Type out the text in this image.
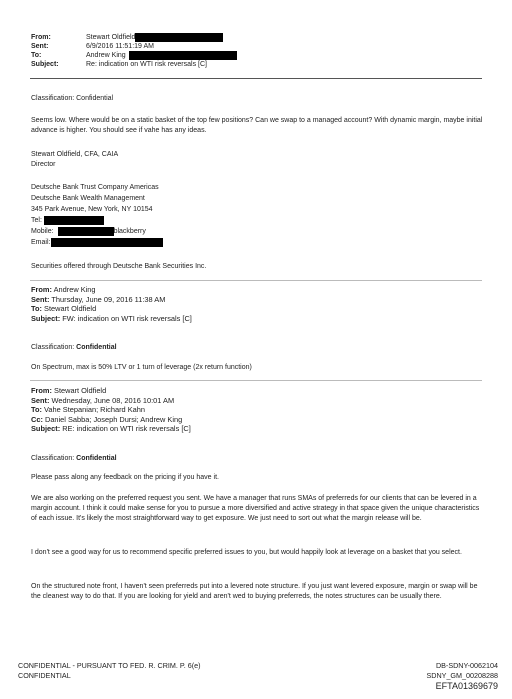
From:	Stewart Oldfield
Sent:	6/9/2016 11:51:19 AM
To:	Andrew King
Subject:	Re: indication on WTI risk reversals [C]
Classification: Confidential
Seems low. Where would be on a static basket of the top few positions? Can we swap to a managed account? With dynamic margin, maybe initial advance is higher. You should see if vahe has any ideas.
Stewart Oldfield, CFA, CAIA
Director
Deutsche Bank Trust Company Americas
Deutsche Bank Wealth Management
345 Park Avenue, New York, NY 10154
Tel:
Mobile:	blackberry
Email:
Securities offered through Deutsche Bank Securities Inc.
From: Andrew King
Sent: Thursday, June 09, 2016 11:38 AM
To: Stewart Oldfield
Subject: FW: indication on WTI risk reversals [C]
Classification: Confidential
On Spectrum, max is 50% LTV or 1 turn of leverage (2x return function)
From: Stewart Oldfield
Sent: Wednesday, June 08, 2016 10:01 AM
To: Vahe Stepanian; Richard Kahn
Cc: Daniel Sabba; Joseph Dursi; Andrew King
Subject: RE: indication on WTI risk reversals [C]
Classification: Confidential
Please pass along any feedback on the pricing if you have it.
We are also working on the preferred request you sent. We have a manager that runs SMAs of preferreds for our clients that can be levered in a margin account. I think it could make sense for you to pursue a more diversified and active strategy in that space given the unique characteristics of each issue. It's likely the most straightforward way to get exposure. We just need to sort out what the margin release will be.
I don't see a good way for us to recommend specific preferred issues to you, but would happily look at leverage on a basket that you select.
On the structured note front, I haven't seen preferreds put into a levered note structure. If you just want levered exposure, margin or swap will be the cleanest way to do that. If you are looking for yield and aren't wed to buying preferreds, the notes structures can be usually there.
CONFIDENTIAL - PURSUANT TO FED. R. CRIM. P. 6(e)
CONFIDENTIAL
DB-SDNY-0062104
SDNY_GM_00208288
EFTA01369679
